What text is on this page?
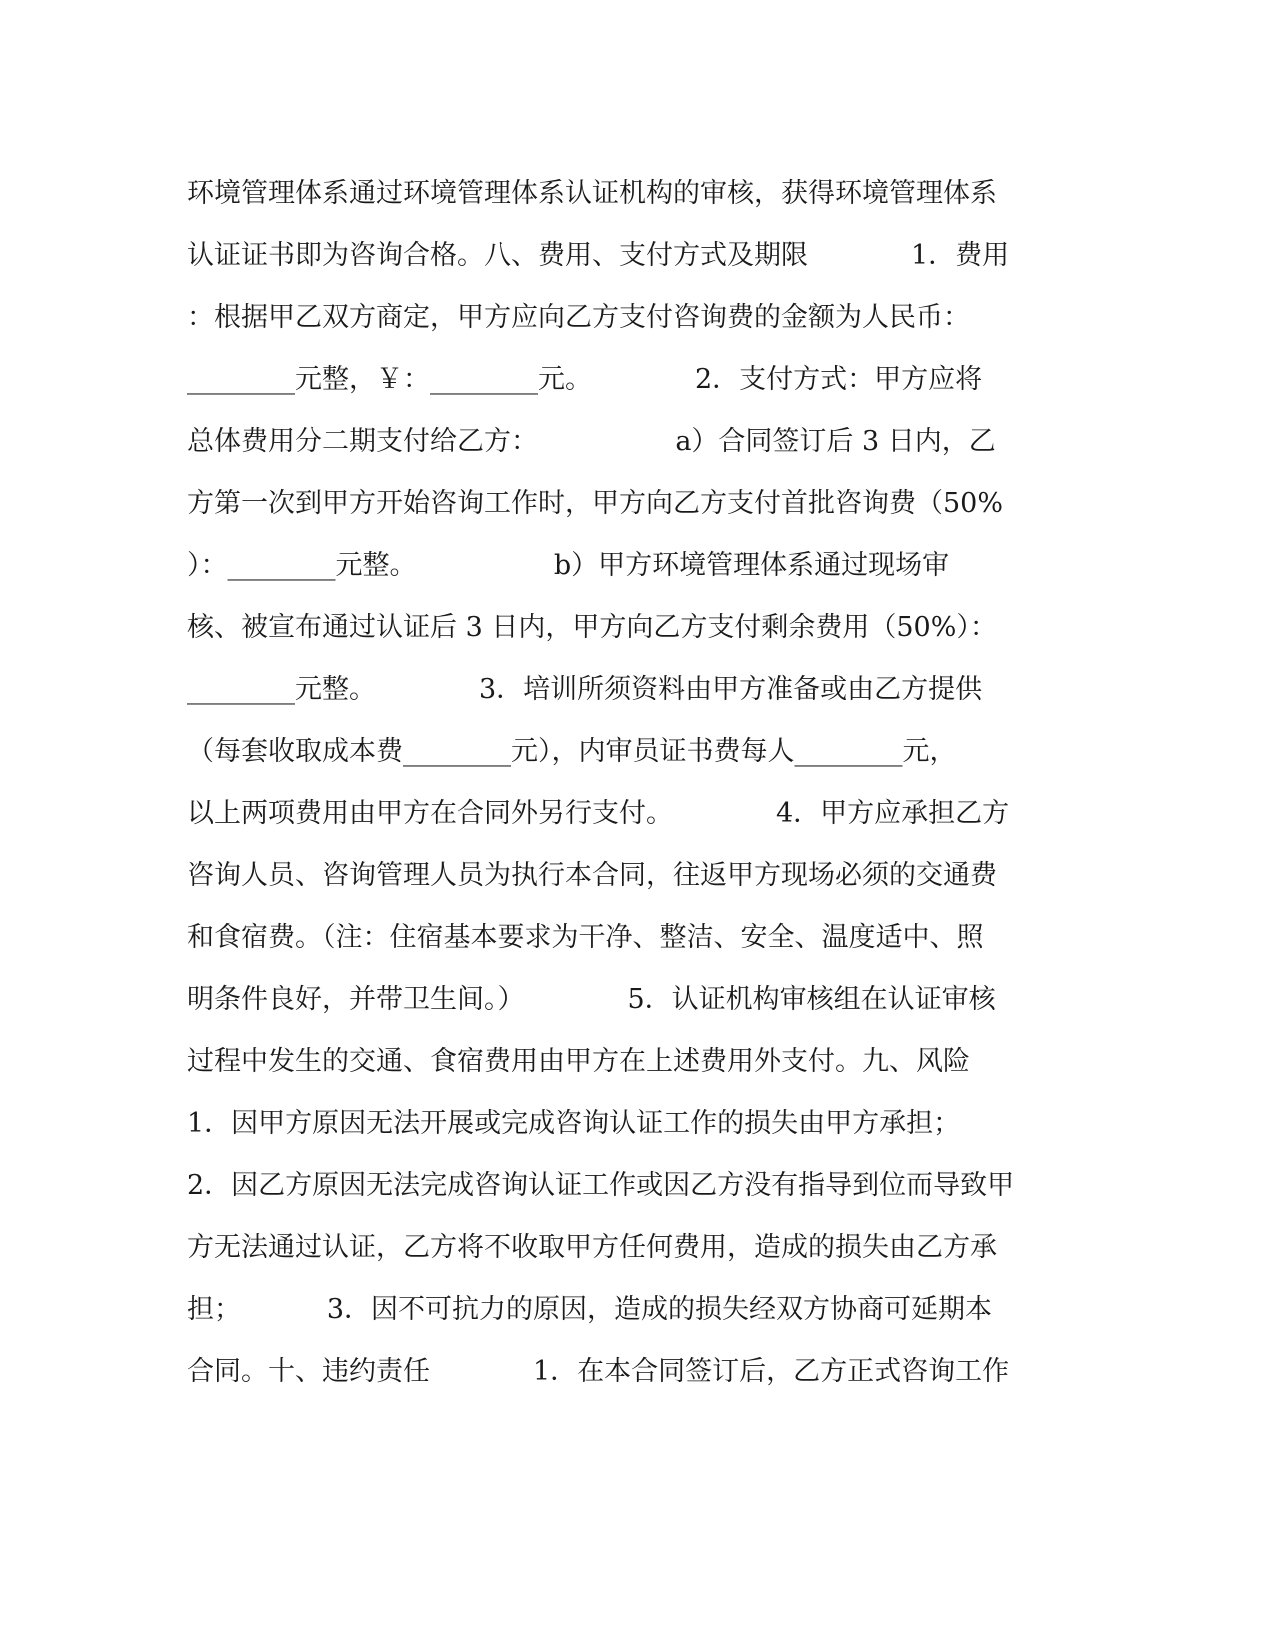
环境管理体系通过环境管理体系认证机构的审核，获得环境管理体系
认证证书即为咨询合格。八、费用、支付方式及期限            1．费用
：根据甲乙双方商定，甲方应向乙方支付咨询费的金额为人民币：
________元整，￥：________元。            2．支付方式：甲方应将
总体费用分二期支付给乙方：                a）合同签订后 3 日内，乙
方第一次到甲方开始咨询工作时，甲方向乙方支付首批咨询费（50%
）：________元整。                b）甲方环境管理体系通过现场审
核、被宣布通过认证后 3 日内，甲方向乙方支付剩余费用（50%）：
________元整。            3．培训所须资料由甲方准备或由乙方提供
（每套收取成本费________元），内审员证书费每人________元，
以上两项费用由甲方在合同外另行支付。            4．甲方应承担乙方
咨询人员、咨询管理人员为执行本合同，往返甲方现场必须的交通费
和食宿费。（注：住宿基本要求为干净、整洁、安全、温度适中、照
明条件良好，并带卫生间。）            5．认证机构审核组在认证审核
过程中发生的交通、食宿费用由甲方在上述费用外支付。九、风险
1．因甲方原因无法开展或完成咨询认证工作的损失由甲方承担；
2．因乙方原因无法完成咨询认证工作或因乙方没有指导到位而导致甲
方无法通过认证，乙方将不收取甲方任何费用，造成的损失由乙方承
担；          3．因不可抗力的原因，造成的损失经双方协商可延期本
合同。十、违约责任            1．在本合同签订后，乙方正式咨询工作
